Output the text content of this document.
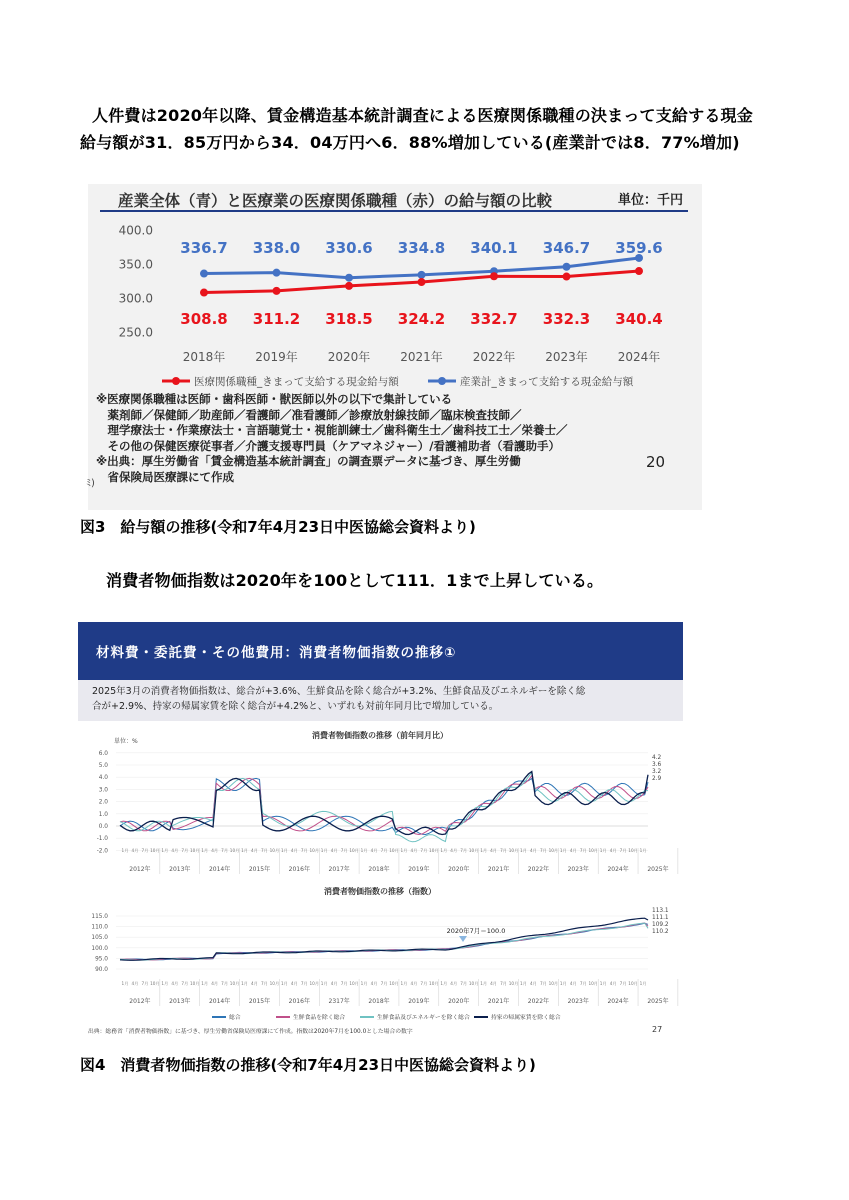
人件費は2020年以降、賃金構造基本統計調査による医療関係職種の決まって支給する現金
給与額が31．85万円から34．04万円へ6．88%増加している(産業計では8．77%増加)
産業全体（青）と医療業の医療関係職種（赤）の給与額の比較	単位：千円
250.0
300.0
350.0
400.0
2018年 2019年 2020年 2021年 2022年 2023年 2024年
336.7 338.0 330.6 334.8 340.1 346.7 359.6
308.8 311.2 318.5 324.2 332.7 332.3 340.4
医療関係職種_きまって支給する現金給与額	産業計_きまって支給する現金給与額
20
ﾐ)
※医療関係職種は医師・歯科医師・獣医師以外の以下で集計している
　薬剤師／保健師／助産師／看護師／准看護師／診療放射線技師／臨床検査技師／
　理学療法士・作業療法士・言語聴覚士・視能訓練士／歯科衛生士／歯科技工士／栄養士／
　その他の保健医療従事者／介護支援専門員（ケアマネジャー）/看護補助者（看護助手）
※出典：厚生労働省「賃金構造基本統計調査」の調査票データに基づき、厚生労働
　省保険局医療課にて作成
図3　給与額の推移(令和7年4月23日中医協総会資料より)
消費者物価指数は2020年を100として111．1まで上昇している。
材料費・委託費・その他費用：消費者物価指数の推移①
2025年3月の消費者物価指数は、総合が+3.6%、生鮮食品を除く総合が+3.2%、生鮮食品及びエネルギーを除く総
合が+2.9%、持家の帰属家賃を除く総合が+4.2%と、いずれも対前年同月比で増加している。
消費者物価指数の推移（前年同月比）
単位：%
6.0
5.0
4.0
3.0
2.0
1.0
0.0
-1.0
-2.0
2012年
1月 4月 7月 10月
2013年
1月 4月 7月 10月
2014年
1月 4月 7月 10月
2015年
1月 4月 7月 10月
2016年
1月 4月 7月 10月
2017年
1月 4月 7月 10月
2018年
1月 4月 7月 10月
2019年
1月 4月 7月 10月
2020年
1月 4月 7月 10月
2021年
1月 4月 7月 10月
2022年
1月 4月 7月 10月
2023年
1月 4月 7月 10月
2024年
1月 4月 7月 10月
2025年
1月
4.2
3.6
3.2
2.9
消費者物価指数の推移（指数）
115.0
110.0
105.0
100.0
95.0
90.0
2012年
1月 4月 7月 10月
2013年
1月 4月 7月 10月
2014年
1月 4月 7月 10月
2015年
1月 4月 7月 10月
2016年
1月 4月 7月 10月
2317年
1月 4月 7月 10月
2018年
1月 4月 7月 10月
2019年
1月 4月 7月 10月
2020年
1月 4月 7月 10月
2021年
1月 4月 7月 10月
2022年
1月 4月 7月 10月
2023年
1月 4月 7月 10月
2024年
1月 4月 7月 10月
2025年
1月
113.1
111.1
109.2
110.2
2020年7月＝100.0
総合	生鮮食品を除く総合	生鮮食品及びエネルギーを除く総合	持家の帰属家賃を除く総合
出典：総務省「消費者物価指数」に基づき、厚生労働省保険局医療課にて作成。指数は2020年7月を100.0とした場合の数字	27
図4　消費者物価指数の推移(令和7年4月23日中医協総会資料より)
